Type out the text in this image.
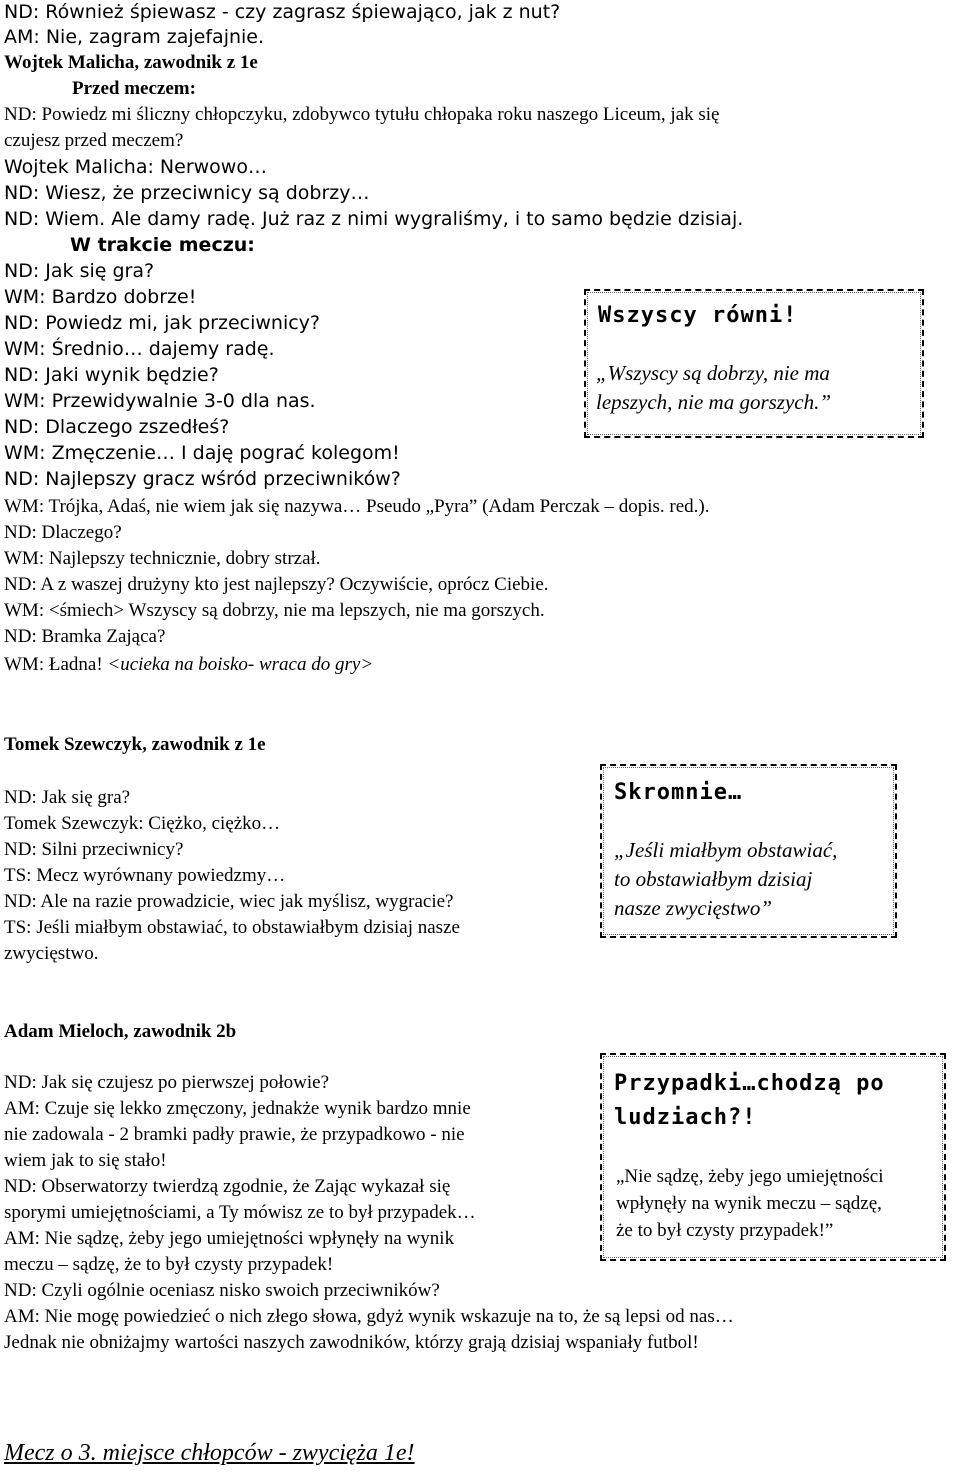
ND: Również śpiewasz - czy zagrasz śpiewająco, jak z nut?
AM: Nie, zagram zajefajnie.
Wojtek Malicha, zawodnik z 1e
Przed meczem:
ND: Powiedz mi śliczny chłopczyku, zdobywco tytułu chłopaka roku naszego Liceum, jak się
czujesz przed meczem?
Wojtek Malicha: Nerwowo…
ND: Wiesz, że przeciwnicy są dobrzy…
ND: Wiem. Ale damy radę. Już raz z nimi wygraliśmy, i to samo będzie dzisiaj.
W trakcie meczu:
ND: Jak się gra?
WM: Bardzo dobrze!
ND: Powiedz mi, jak przeciwnicy?
WM: Średnio… dajemy radę.
ND: Jaki wynik będzie?
WM: Przewidywalnie 3-0 dla nas.
ND: Dlaczego zszedłeś?
WM: Zmęczenie… I daję pograć kolegom!
ND: Najlepszy gracz wśród przeciwników?
WM: Trójka, Adaś, nie wiem jak się nazywa… Pseudo „Pyra” (Adam Perczak – dopis. red.).
ND: Dlaczego?
WM: Najlepszy technicznie, dobry strzał.
ND: A z waszej drużyny kto jest najlepszy? Oczywiście, oprócz Ciebie.
WM: <śmiech> Wszyscy są dobrzy, nie ma lepszych, nie ma gorszych.
ND: Bramka Zająca?
WM: Ładna! <ucieka na boisko- wraca do gry>
Wszyscy równi!
„Wszyscy są dobrzy, nie ma
lepszych, nie ma gorszych.”
Tomek Szewczyk, zawodnik z 1e
ND: Jak się gra?
Tomek Szewczyk: Ciężko, ciężko…
ND: Silni przeciwnicy?
TS: Mecz wyrównany powiedzmy…
ND: Ale na razie prowadzicie, wiec jak myślisz, wygracie?
TS: Jeśli miałbym obstawiać, to obstawiałbym dzisiaj nasze
zwycięstwo.
Skromnie…
„Jeśli miałbym obstawiać,
to obstawiałbym dzisiaj
nasze zwycięstwo”
Adam Mieloch, zawodnik 2b
ND: Jak się czujesz po pierwszej połowie?
AM: Czuje się lekko zmęczony, jednakże wynik bardzo mnie
nie zadowala - 2 bramki padły prawie, że przypadkowo - nie
wiem jak to się stało!
ND: Obserwatorzy twierdzą zgodnie, że Zając wykazał się
sporymi umiejętnościami, a Ty mówisz ze to był przypadek…
AM: Nie sądzę, żeby jego umiejętności wpłynęły na wynik
meczu – sądzę, że to był czysty przypadek!
ND: Czyli ogólnie oceniasz nisko swoich przeciwników?
AM: Nie mogę powiedzieć o nich złego słowa, gdyż wynik wskazuje na to, że są lepsi od nas…
Jednak nie obniżajmy wartości naszych zawodników, którzy grają dzisiaj wspaniały futbol!
Przypadki…chodzą po
ludziach?!
„Nie sądzę, żeby jego umiejętności
wpłynęły na wynik meczu – sądzę,
że to był czysty przypadek!”
Mecz o 3. miejsce chłopców - zwycięża 1e!
